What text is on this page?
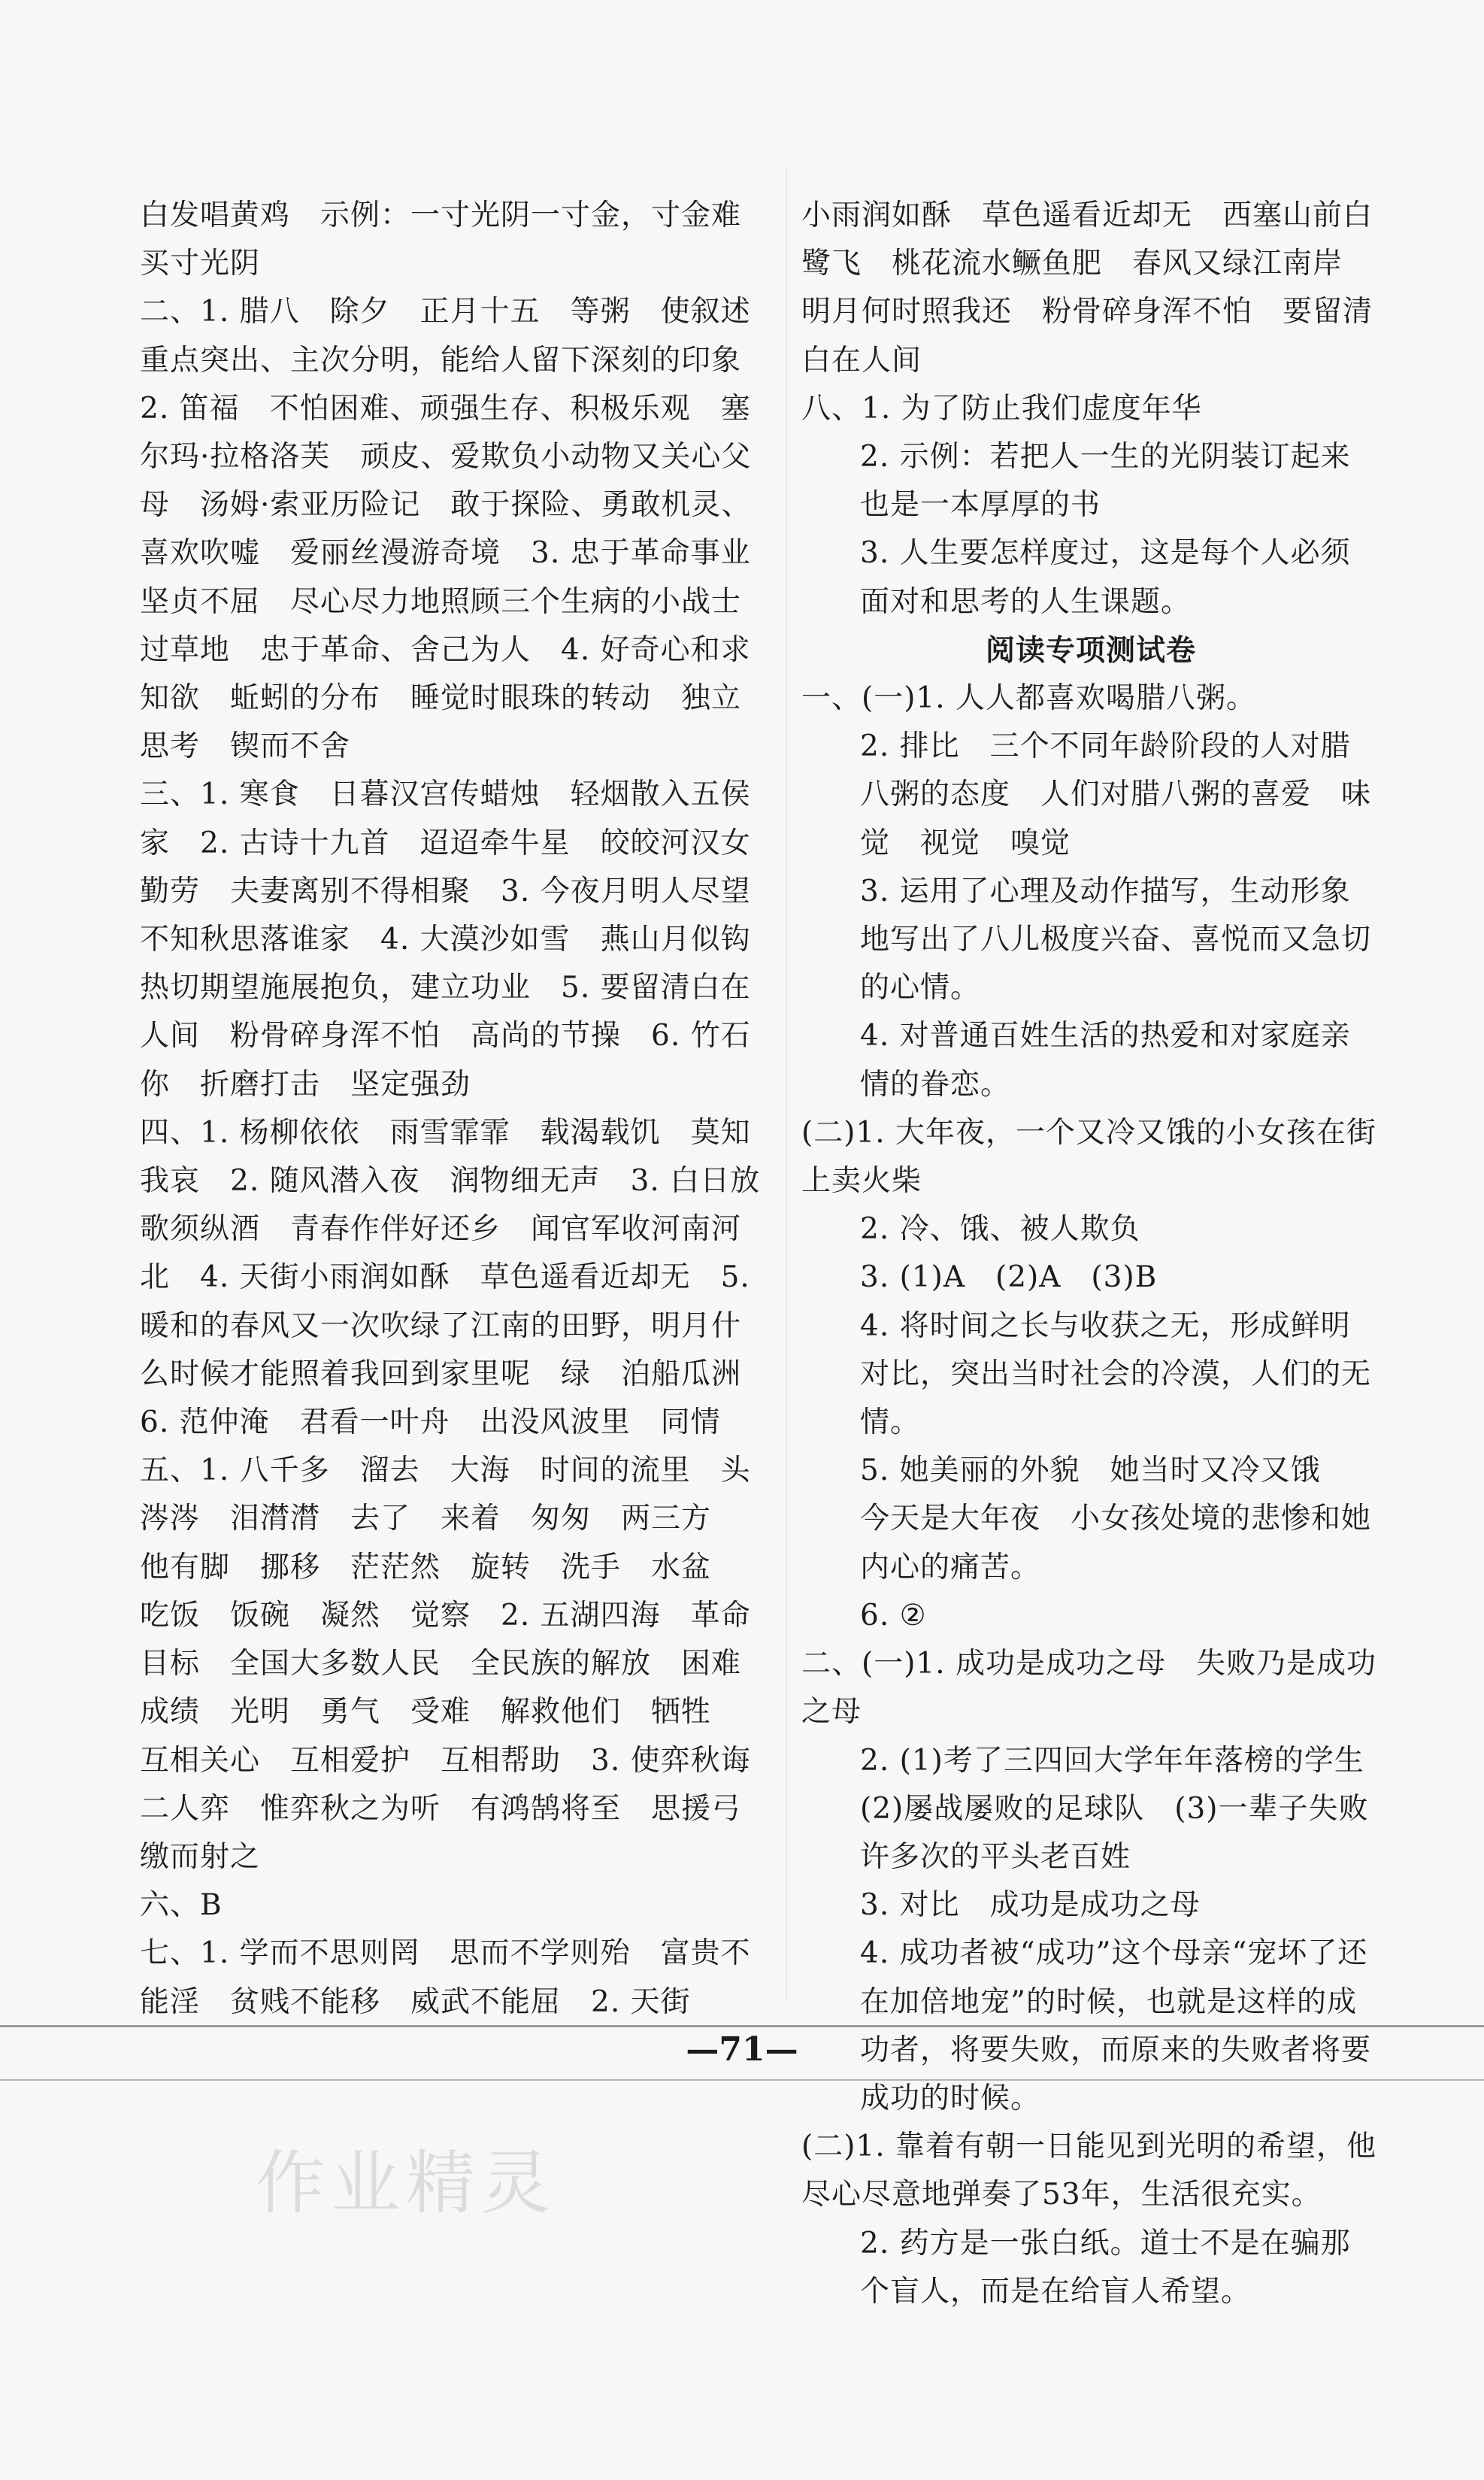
白发唱黄鸡　示例：一寸光阴一寸金，寸金难买寸光阴

二、1. 腊八　除夕　正月十五　等粥　使叙述重点突出、主次分明，能给人留下深刻的印象　2. 笛福　不怕困难、顽强生存、积极乐观　塞尔玛·拉格洛芙　顽皮、爱欺负小动物又关心父母　汤姆·索亚历险记　敢于探险、勇敢机灵、喜欢吹嘘　爱丽丝漫游奇境　3. 忠于革命事业　坚贞不屈　尽心尽力地照顾三个生病的小战士过草地　忠于革命、舍己为人　4. 好奇心和求知欲　蚯蚓的分布　睡觉时眼珠的转动　独立思考　锲而不舍

三、1. 寒食　日暮汉宫传蜡烛　轻烟散入五侯家　2. 古诗十九首　迢迢牵牛星　皎皎河汉女　勤劳　夫妻离别不得相聚　3. 今夜月明人尽望　不知秋思落谁家　4. 大漠沙如雪　燕山月似钩　热切期望施展抱负，建立功业　5. 要留清白在人间　粉骨碎身浑不怕　高尚的节操　6. 竹石　你　折磨打击　坚定强劲

四、1. 杨柳依依　雨雪霏霏　载渴载饥　莫知我哀　2. 随风潜入夜　润物细无声　3. 白日放歌须纵酒　青春作伴好还乡　闻官军收河南河北　4. 天街小雨润如酥　草色遥看近却无　5. 暖和的春风又一次吹绿了江南的田野，明月什么时候才能照着我回到家里呢　绿　泊船瓜洲　6. 范仲淹　君看一叶舟　出没风波里　同情

五、1. 八千多　溜去　大海　时间的流里　头涔涔　泪潸潸　去了　来着　匆匆　两三方　他有脚　挪移　茫茫然　旋转　洗手　水盆　吃饭　饭碗　凝然　觉察　2. 五湖四海　革命目标　全国大多数人民　全民族的解放　困难　成绩　光明　勇气　受难　解救他们　牺牲　互相关心　互相爱护　互相帮助　3. 使弈秋诲二人弈　惟弈秋之为听　有鸿鹄将至　思援弓缴而射之

六、B

七、1. 学而不思则罔　思而不学则殆　富贵不能淫　贫贱不能移　威武不能屈　2. 天街

小雨润如酥　草色遥看近却无　西塞山前白鹭飞　桃花流水鳜鱼肥　春风又绿江南岸　明月何时照我还　粉骨碎身浑不怕　要留清白在人间

八、1. 为了防止我们虚度年华

2. 示例：若把人一生的光阴装订起来也是一本厚厚的书

3. 人生要怎样度过，这是每个人必须面对和思考的人生课题。

阅读专项测试卷

一、(一)1. 人人都喜欢喝腊八粥。

2. 排比　三个不同年龄阶段的人对腊八粥的态度　人们对腊八粥的喜爱　味觉　视觉　嗅觉

3. 运用了心理及动作描写，生动形象地写出了八儿极度兴奋、喜悦而又急切的心情。

4. 对普通百姓生活的热爱和对家庭亲情的眷恋。

(二)1. 大年夜，一个又冷又饿的小女孩在街上卖火柴

2. 冷、饿、被人欺负

3. (1)A　(2)A　(3)B

4. 将时间之长与收获之无，形成鲜明对比，突出当时社会的冷漠，人们的无情。

5. 她美丽的外貌　她当时又冷又饿　今天是大年夜　小女孩处境的悲惨和她内心的痛苦。

6. ②

二、(一)1. 成功是成功之母　失败乃是成功之母

2. (1)考了三四回大学年年落榜的学生　(2)屡战屡败的足球队　(3)一辈子失败许多次的平头老百姓

3. 对比　成功是成功之母

4. 成功者被“成功”这个母亲“宠坏了还在加倍地宠”的时候，也就是这样的成功者，将要失败，而原来的失败者将要成功的时候。

(二)1. 靠着有朝一日能见到光明的希望，他尽心尽意地弹奏了53年，生活很充实。

2. 药方是一张白纸。道士不是在骗那个盲人，而是在给盲人希望。

—71—
作业精灵
